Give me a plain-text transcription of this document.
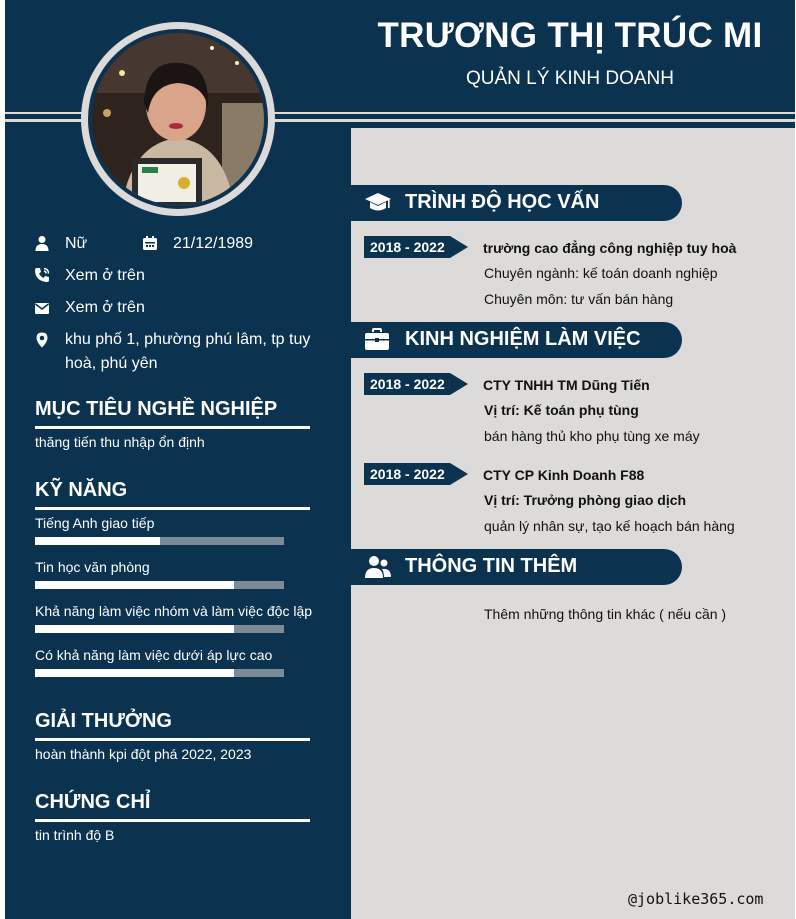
TRƯƠNG THỊ TRÚC MI
QUẢN LÝ KINH DOANH
Nữ	21/12/1989
Xem ở trên
Xem ở trên
khu phố 1, phường phú lâm, tp tuy
hoà, phú yên
MỤC TIÊU NGHỀ NGHIỆP
thăng tiến thu nhập ổn định
KỸ NĂNG
Tiếng Anh giao tiếp
Tin học văn phòng
Khả năng làm việc nhóm và làm việc độc lập
Có khả năng làm việc dưới áp lực cao
GIẢI THƯỞNG
hoàn thành kpi đột phá 2022, 2023
CHỨNG CHỈ
tin trình độ B
TRÌNH ĐỘ HỌC VẤN
2018 - 2022	trường cao đẳng công nghiệp tuy hoà
Chuyên ngành: kế toán doanh nghiệp
Chuyên môn: tư vấn bán hàng
KINH NGHIỆM LÀM VIỆC
2018 - 2022	CTY TNHH TM Dũng Tiến
Vị trí: Kế toán phụ tùng
bán hàng thủ kho phụ tùng xe máy
2018 - 2022	CTY CP Kinh Doanh F88
Vị trí: Trưởng phòng giao dịch
quản lý nhân sự, tạo kế hoạch bán hàng
THÔNG TIN THÊM
Thêm những thông tin khác ( nếu cần )
@joblike365.com
